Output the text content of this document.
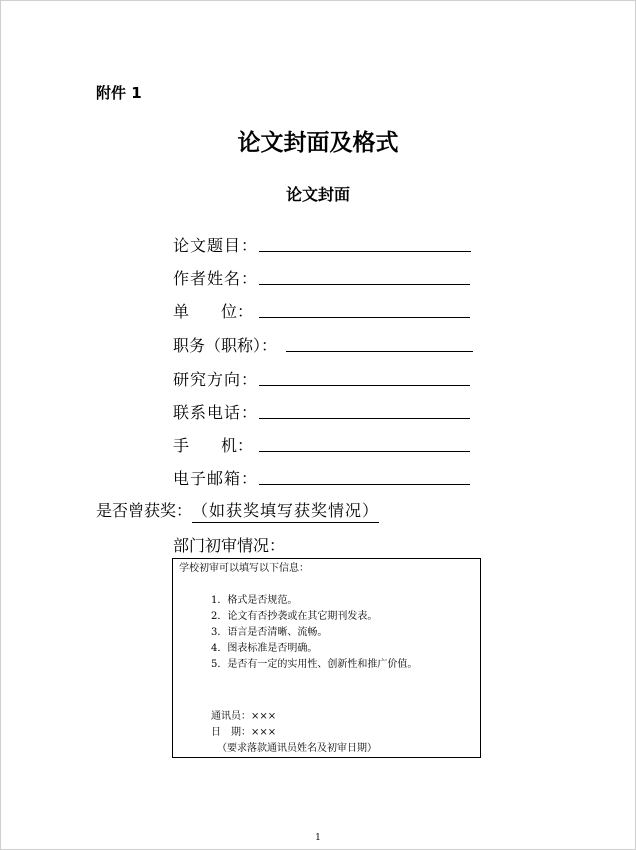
附件 1
论文封面及格式
论文封面
论文题目：
作者姓名：
单 位：
职务（职称）：
研究方向：
联系电话：
手 机：
电子邮箱：
是否曾获奖：（如获奖填写获奖情况）
部门初审情况：
学校初审可以填写以下信息：
1．格式是否规范。
2．论文有否抄袭或在其它期刊发表。
3．语言是否清晰、流畅。
4．图表标准是否明确。
5．是否有一定的实用性、创新性和推广价值。
通讯员：×××
日　期：×××
（要求落款通讯员姓名及初审日期）
1
